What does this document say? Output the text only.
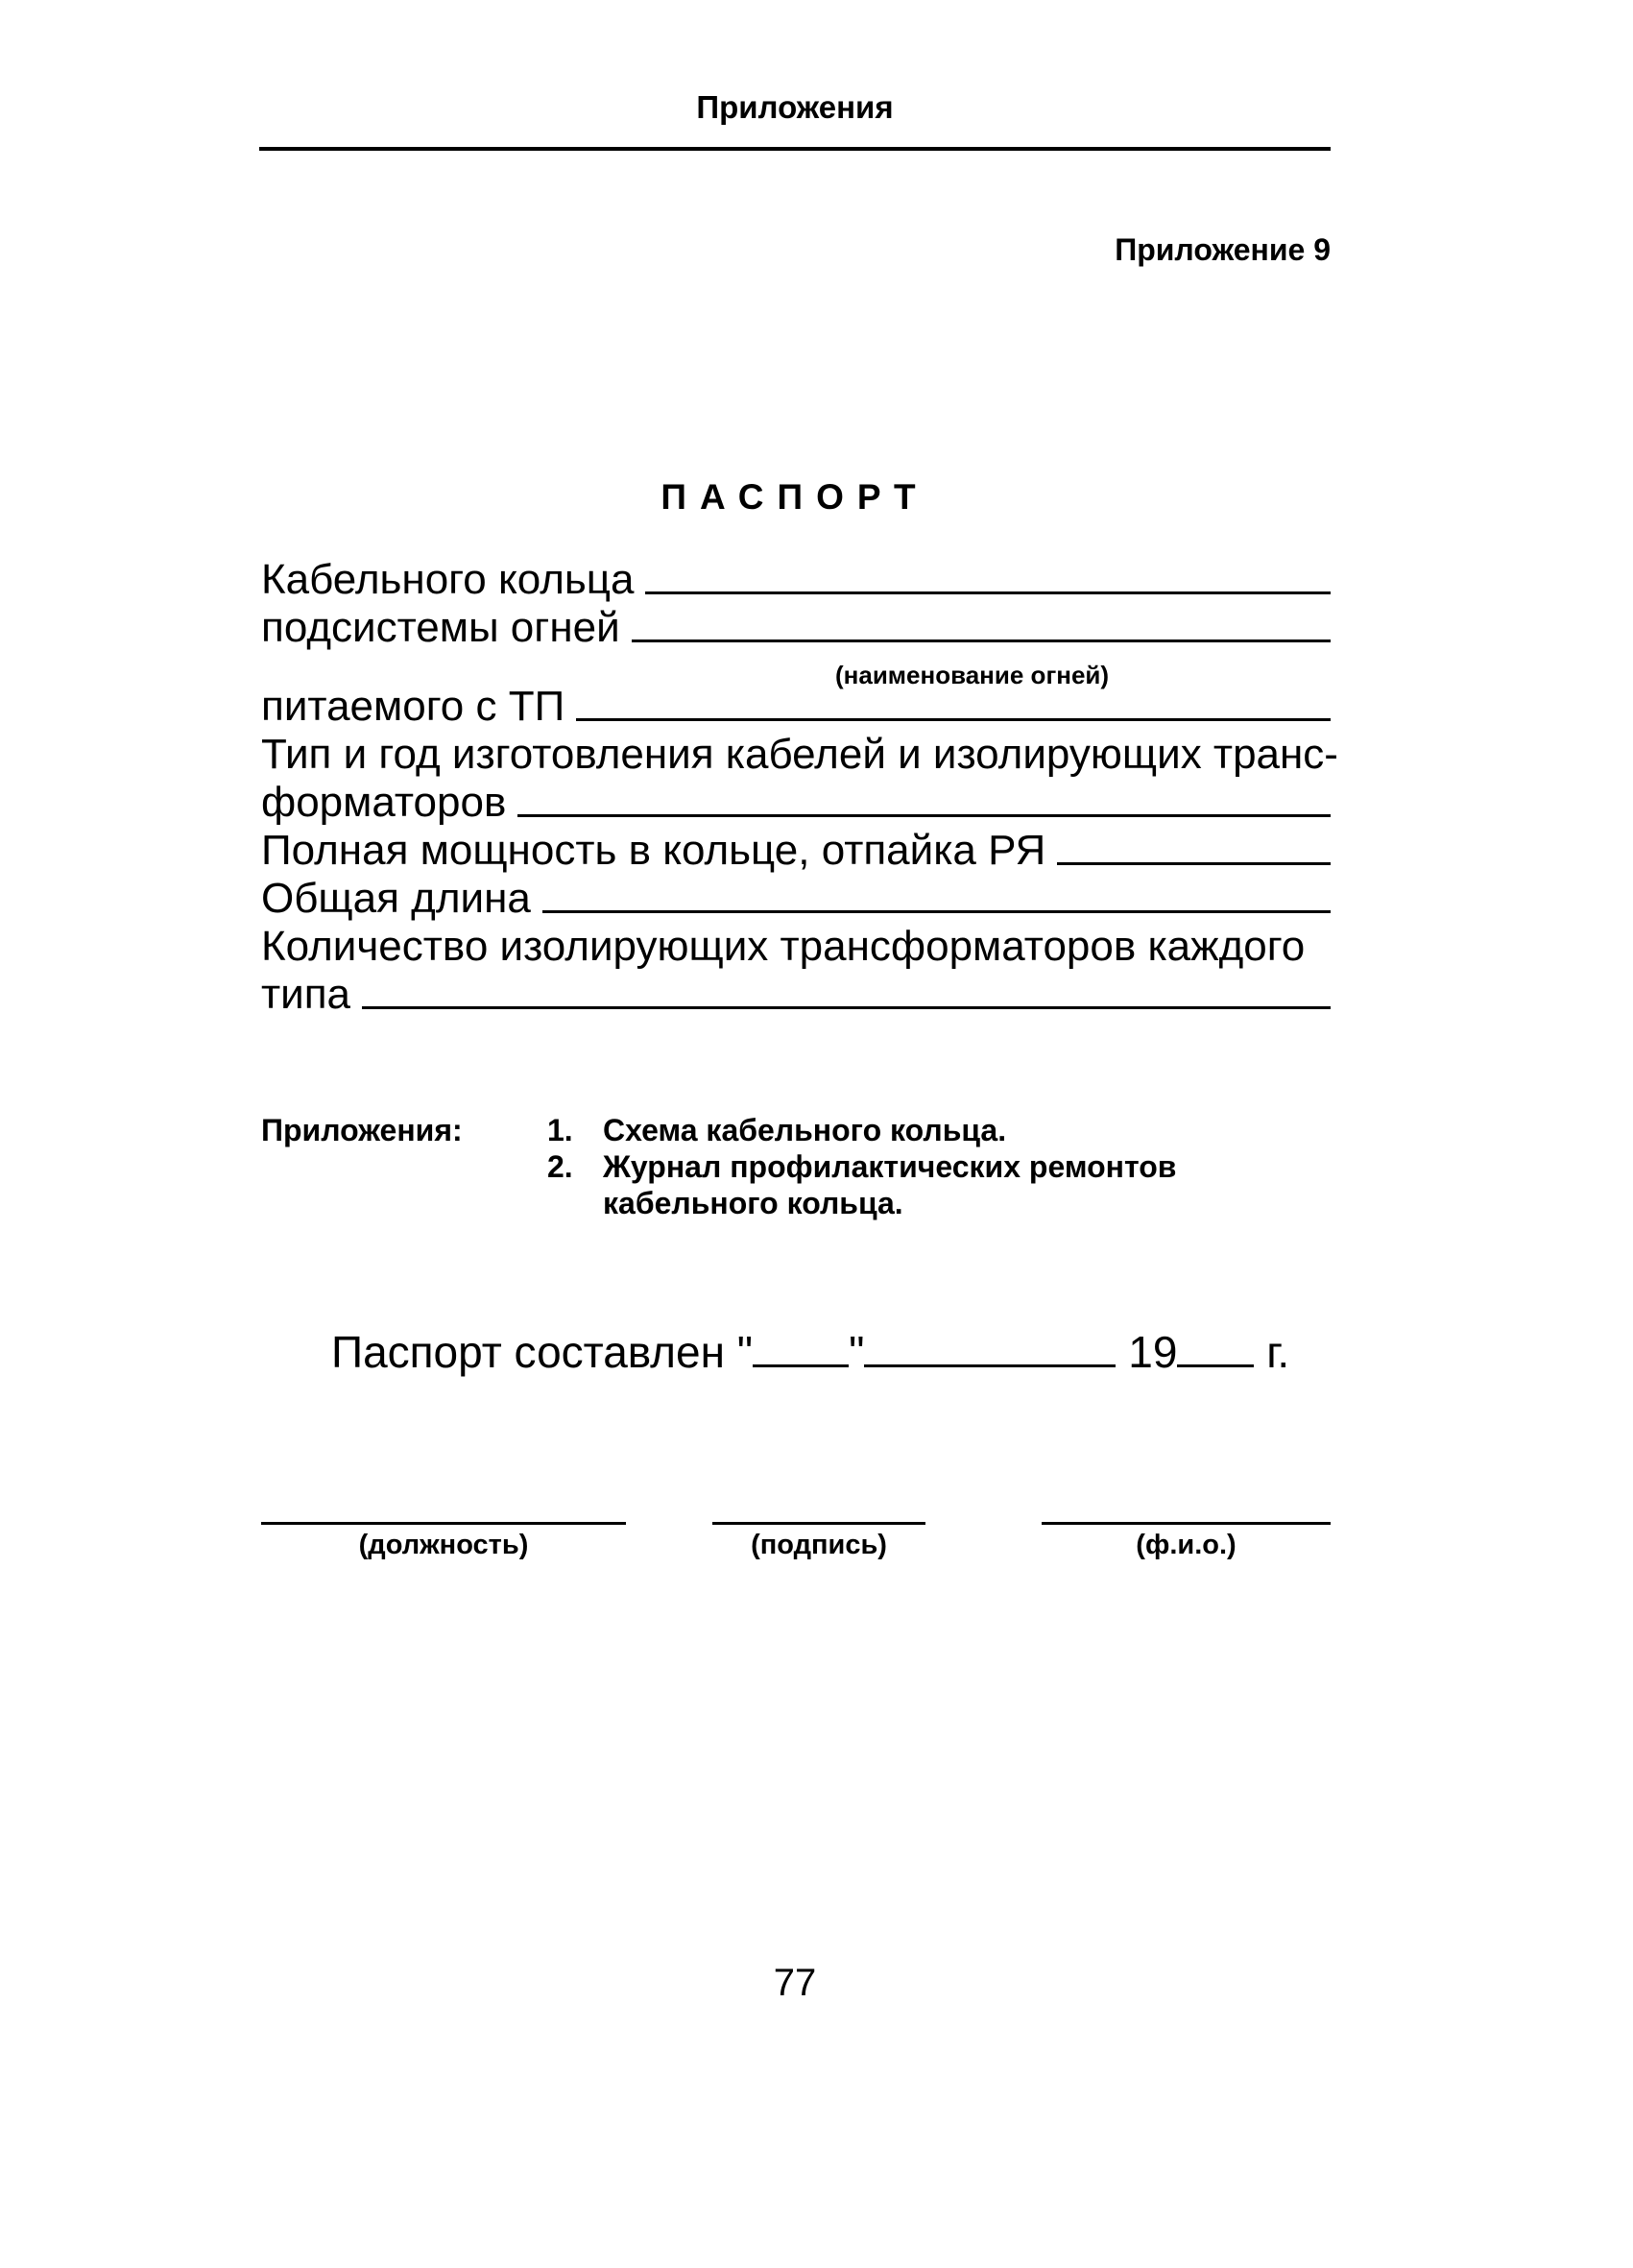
Приложения
Приложение 9
ПАСПОРТ
Кабельного кольца
подсистемы огней
(наименование огней)
питаемого с ТП
Тип и год изготовления кабелей и изолирующих транс-
форматоров
Полная мощность в кольце, отпайка РЯ
Общая длина
Количество изолирующих трансформаторов каждого
типа
Приложения:	1. Схема кабельного кольца.
2. Журнал профилактических ремонтов кабельного кольца.
Паспорт составлен " "	19 г.
(должность)	(подпись)	(ф.и.о.)
77
